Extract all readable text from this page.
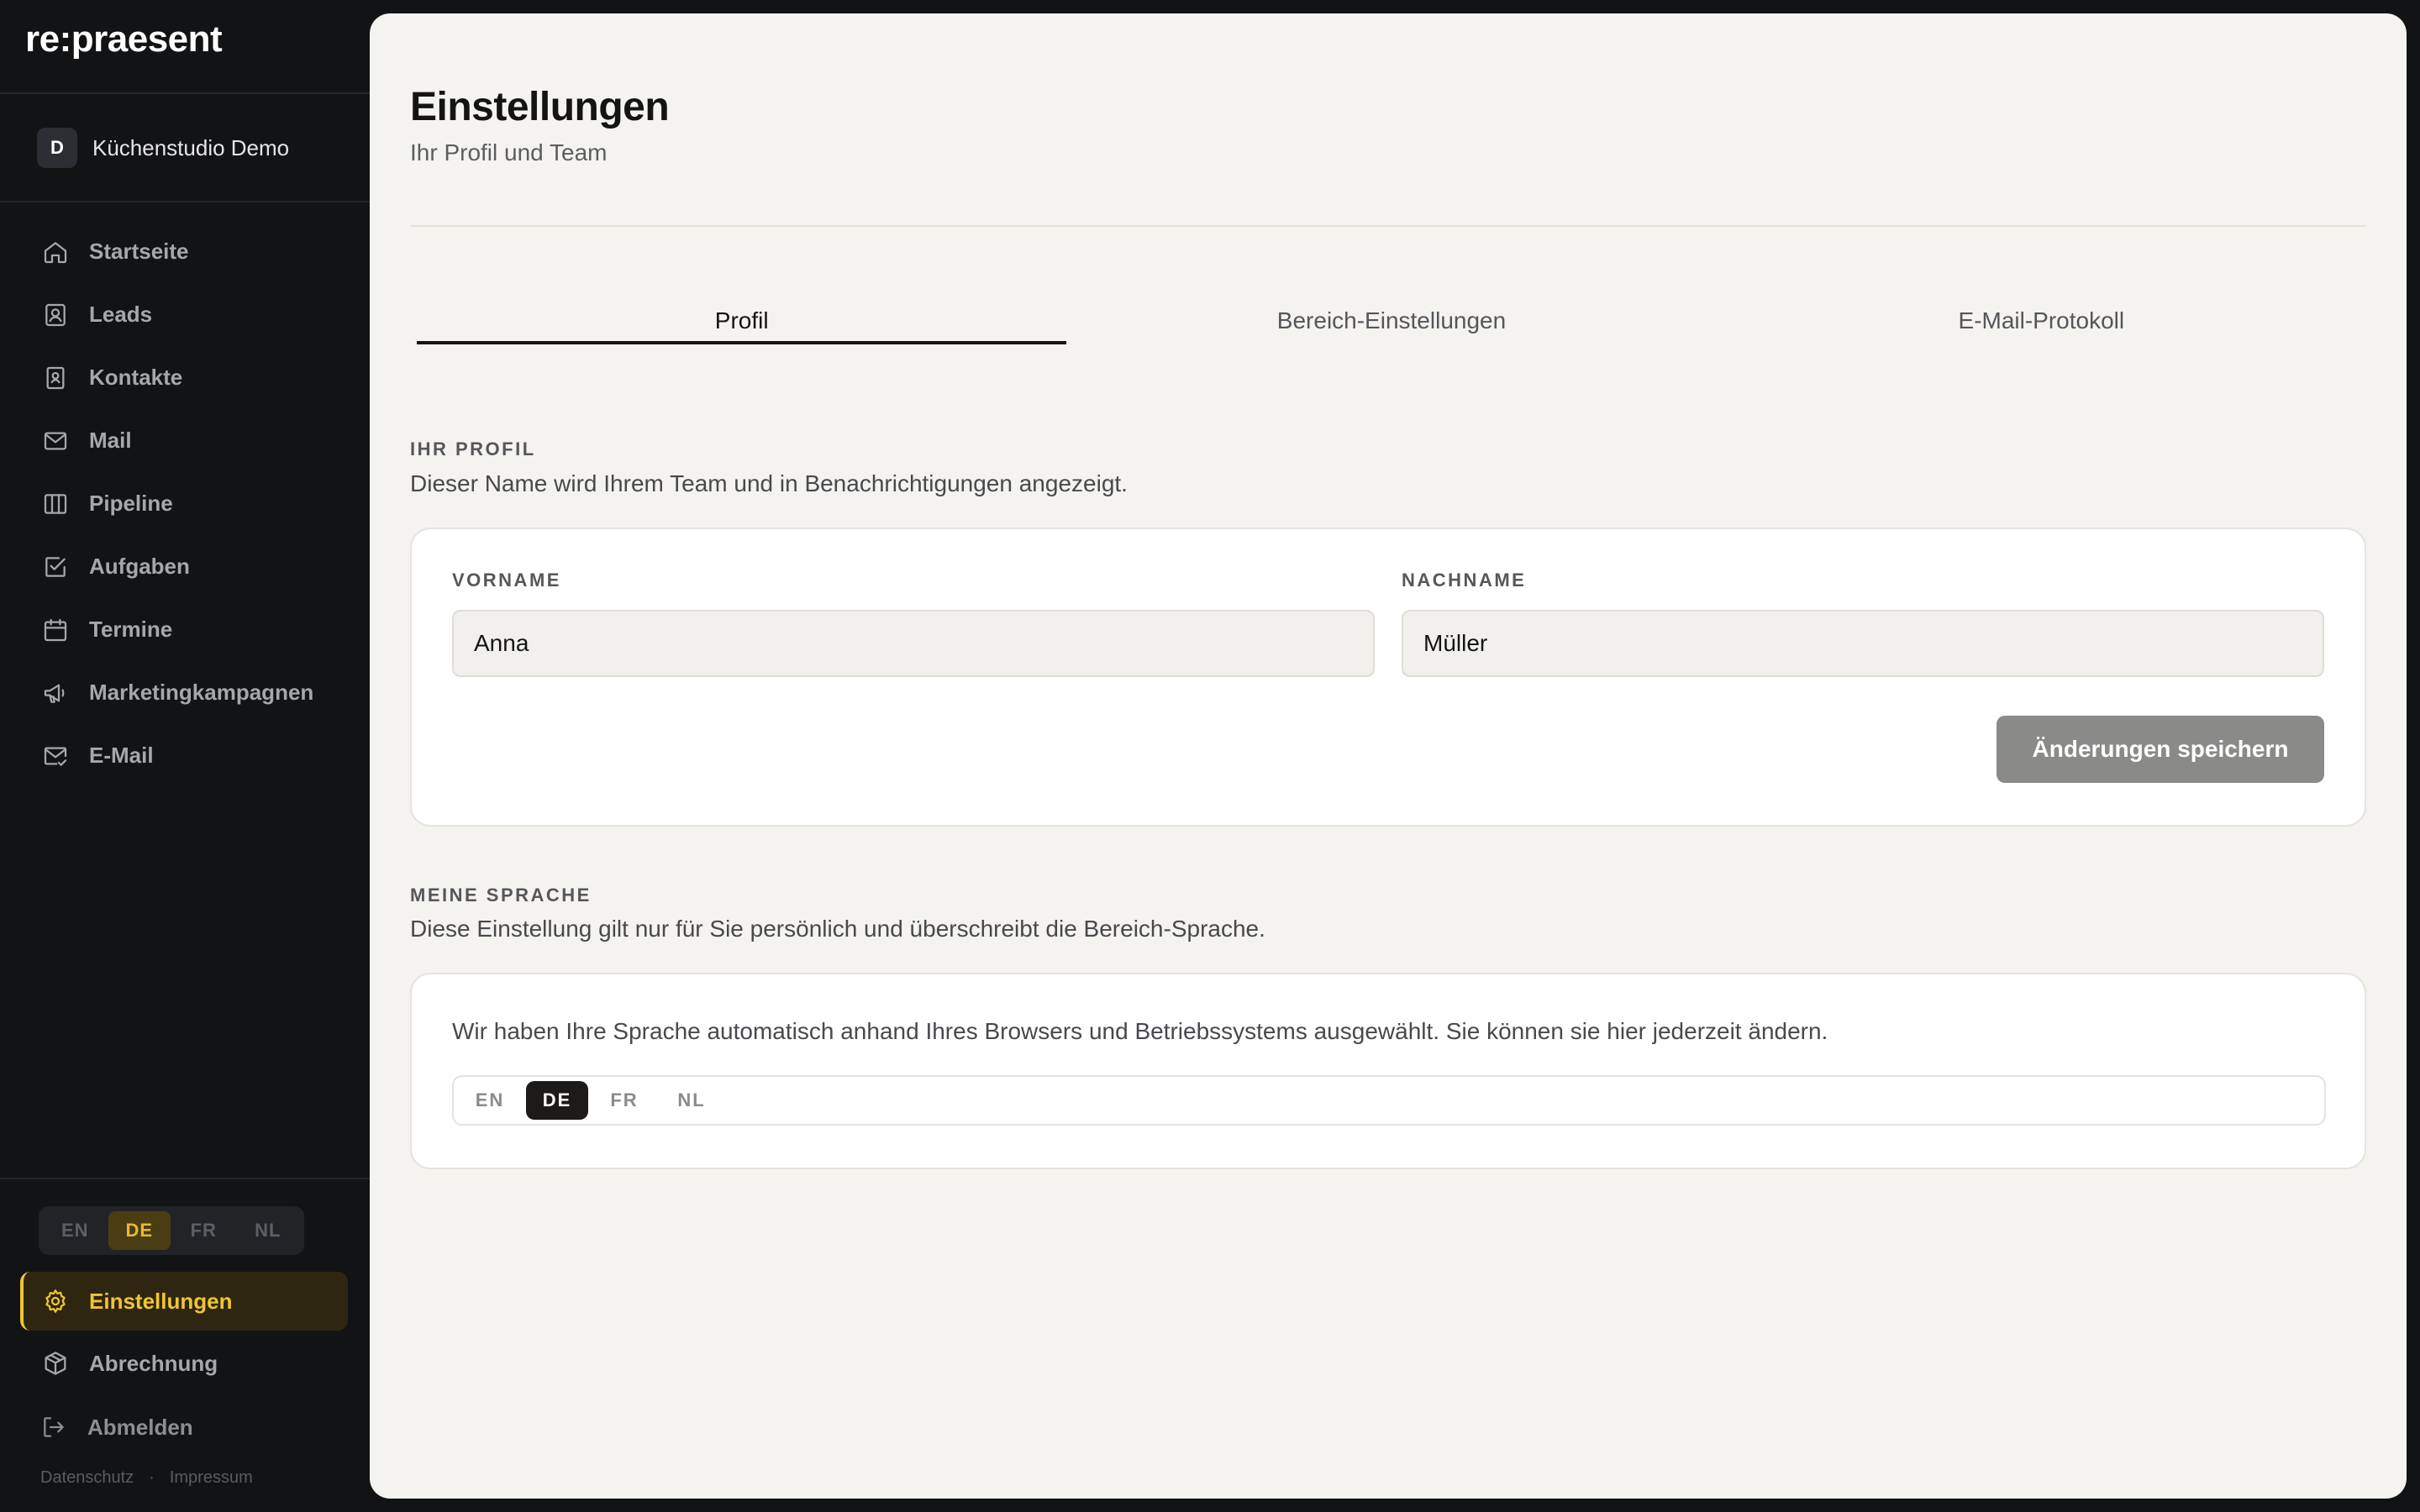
re:praesent
D	Küchenstudio Demo
Startseite
Leads
Kontakte
Mail
Pipeline
Aufgaben
Termine
Marketingkampagnen
E-Mail
EN	DE	FR	NL
Einstellungen
Abrechnung
Abmelden
Datenschutz · Impressum
Einstellungen
Ihr Profil und Team
Profil	Bereich-Einstellungen	E-Mail-Protokoll
IHR PROFIL
Dieser Name wird Ihrem Team und in Benachrichtigungen angezeigt.
VORNAME
Anna
NACHNAME
Müller
Änderungen speichern
MEINE SPRACHE
Diese Einstellung gilt nur für Sie persönlich und überschreibt die Bereich-Sprache.
Wir haben Ihre Sprache automatisch anhand Ihres Browsers und Betriebssystems ausgewählt. Sie können sie hier jederzeit ändern.
EN	DE	FR	NL
